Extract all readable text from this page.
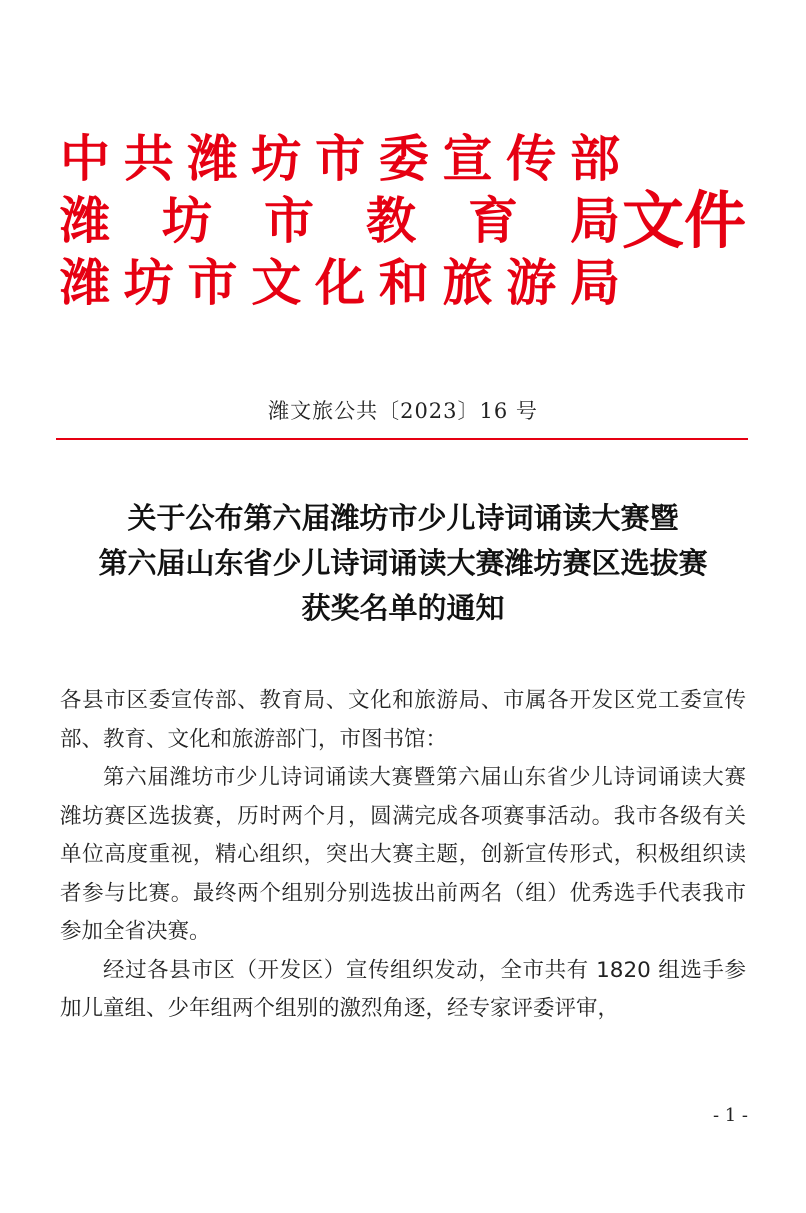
中 共 潍 坊 市 委 宣 传 部
潍 坊 市 教 育 局
潍 坊 市 文 化 和 旅 游 局
文件
潍文旅公共〔2023〕16 号
关于公布第六届潍坊市少儿诗词诵读大赛暨
第六届山东省少儿诗词诵读大赛潍坊赛区选拔赛
获奖名单的通知

各县市区委宣传部、教育局、文化和旅游局、市属各开发区党工委宣传部、教育、文化和旅游部门，市图书馆：

第六届潍坊市少儿诗词诵读大赛暨第六届山东省少儿诗词诵读大赛潍坊赛区选拔赛，历时两个月，圆满完成各项赛事活动。我市各级有关单位高度重视，精心组织，突出大赛主题，创新宣传形式，积极组织读者参与比赛。最终两个组别分别选拔出前两名（组）优秀选手代表我市参加全省决赛。

经过各县市区（开发区）宣传组织发动，全市共有 1820 组选手参加儿童组、少年组两个组别的激烈角逐，经专家评委评审，

- 1 -
